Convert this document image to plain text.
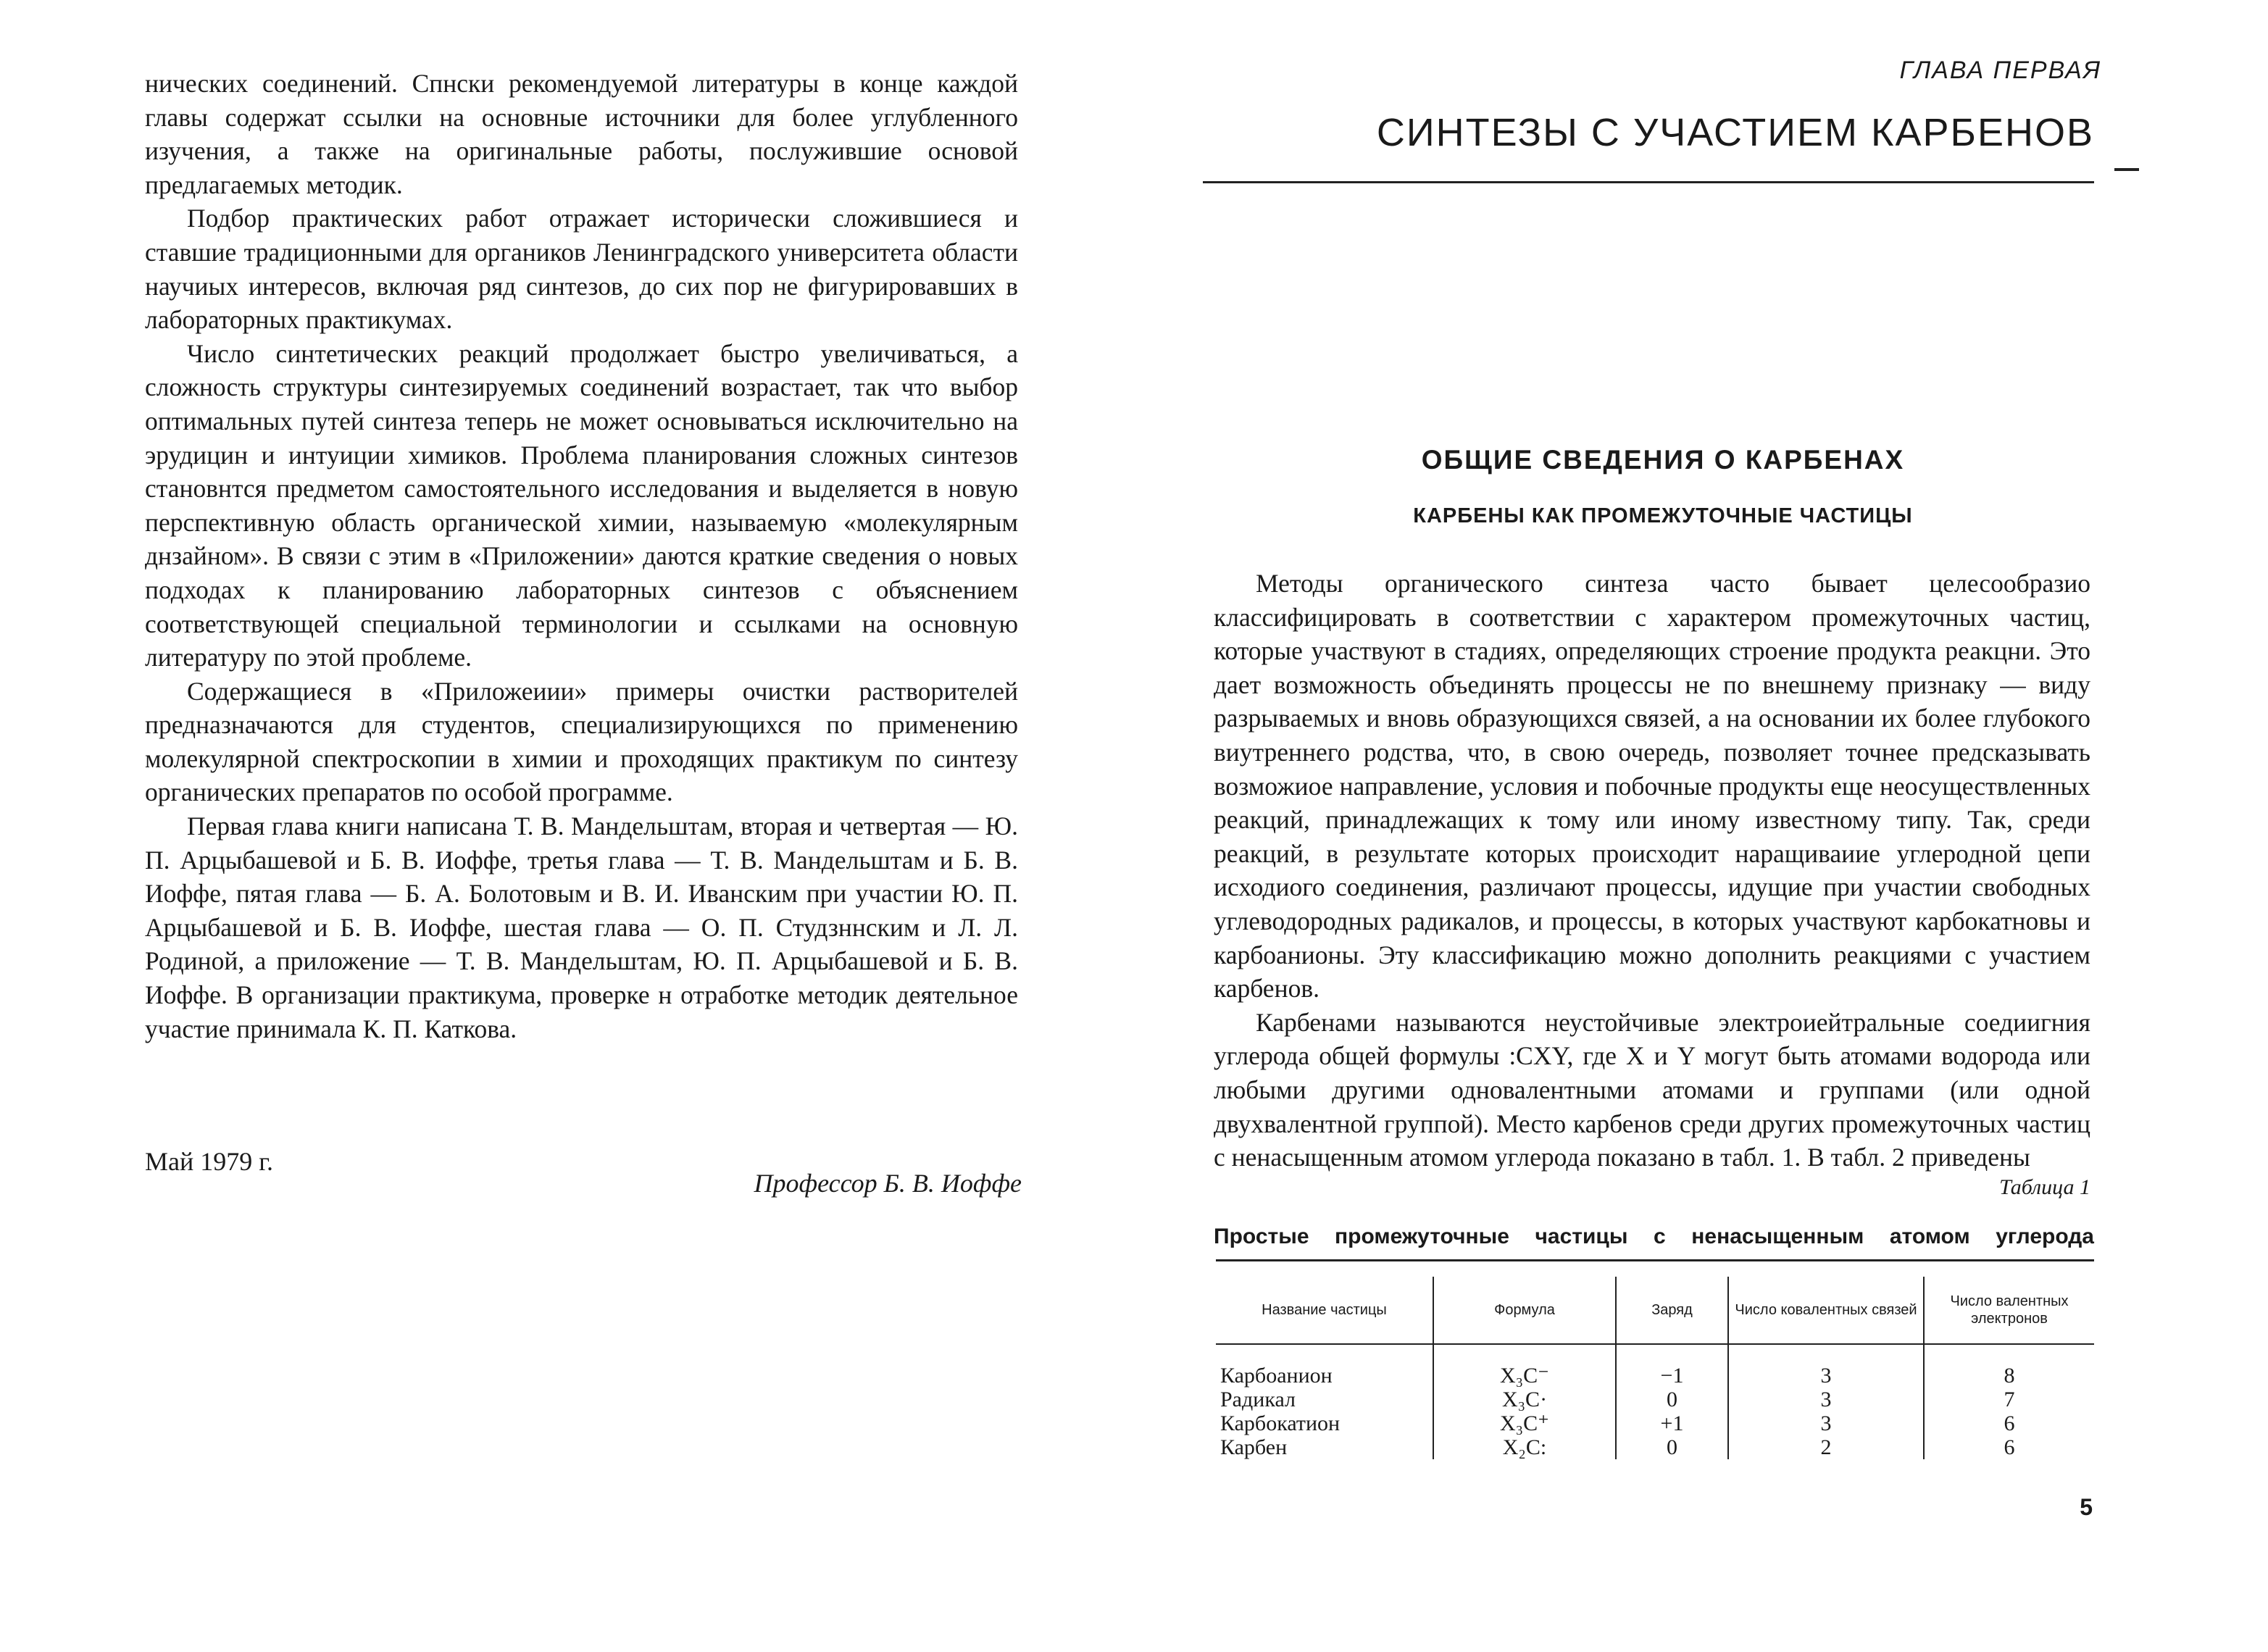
нических соединений. Спнски рекомендуемой литературы в конце каждой главы содержат ссылки на основные источники для более углубленного изучения, а также на оригинальные работы, послужившие основой предлагаемых методик.

Подбор практических работ отражает исторически сложившиеся и ставшие традиционными для органиков Ленинградского университета области научиых интересов, включая ряд синтезов, до сих пор не фигурировавших в лабораторных практикумах.

Число синтетических реакций продолжает быстро увеличиваться, а сложность структуры синтезируемых соединений возрастает, так что выбор оптимальных путей синтеза теперь не может основываться исключительно на эрудицин и интуиции химиков. Проблема планирования сложных синтезов становнтся предметом самостоятельного исследования и выделяется в новую перспективную область органической химии, называемую «молекулярным днзайном». В связи с этим в «Приложении» даются краткие сведения о новых подходах к планированию лабораторных синтезов с объяснением соответствующей специальной терминологии и ссылками на основную литературу по этой проблеме.

Содержащиеся в «Приложеиии» примеры очистки растворителей предназначаются для студентов, специализирующихся по применению молекулярной спектроскопии в химии и проходящих практикум по синтезу органических препаратов по особой программе.

Первая глава книги написана Т. В. Мандельштам, вторая и четвертая — Ю. П. Арцыбашевой и Б. В. Иоффе, третья глава — Т. В. Мандельштам и Б. В. Иоффе, пятая глава — Б. А. Болотовым и В. И. Иванским при участии Ю. П. Арцыбашевой и Б. В. Иоффе, шестая глава — О. П. Студзннским и Л. Л. Родиной, а приложение — Т. В. Мандельштам, Ю. П. Арцыбашевой и Б. В. Иоффе. В организации практикума, проверке н отработке методик деятельное участие принимала К. П. Каткова.

Май 1979 г.
Профессор Б. В. Иоффе
ГЛАВА ПЕРВАЯ
СИНТЕЗЫ С УЧАСТИЕМ КАРБЕНОВ
ОБЩИЕ СВЕДЕНИЯ О КАРБЕНАХ
КАРБЕНЫ КАК ПРОМЕЖУТОЧНЫЕ ЧАСТИЦЫ

Методы органического синтеза часто бывает целесообразио классифицировать в соответствии с характером промежуточных частиц, которые участвуют в стадиях, определяющих строение продукта реакцни. Это дает возможность объединять процессы не по внешнему признаку — виду разрываемых и вновь образующихся связей, а на основании их более глубокого виутреннего родства, что, в свою очередь, позволяет точнее предсказывать возможиое направление, условия и побочные продукты еще неосуществленных реакций, принадлежащих к тому или иному известному типу. Так, среди реакций, в результате которых происходит наращиваиие углеродной цепи исходиого соединения, различают процессы, идущие при участии свободных углеводородных радикалов, и процессы, в которых участвуют карбокатновы и карбоанионы. Эту классификацию можно дополнить реакциями с участием карбенов.

Карбенами называются неустойчивые электроиейтральные соедиигния углерода общей формулы :CXY, где X и Y могут быть атомами водорода или любыми другими одновалентными атомами и группами (или одной двухвалентной группой). Место карбенов среди других промежуточных частиц с ненасыщенным атомом углерода показано в табл. 1. В табл. 2 приведены

Таблица 1
Простые промежуточные частицы с ненасыщенным атомом углерода
Название частицы	Формула	Заряд	Число ковалентных связей	Число валентных электронов
Карбоанион	X₃C⁻	−1	3	8
Радикал	X₃C·	0	3	7
Карбокатион	X₃C⁺	+1	3	6
Карбен	X₂C:	0	2	6
5
